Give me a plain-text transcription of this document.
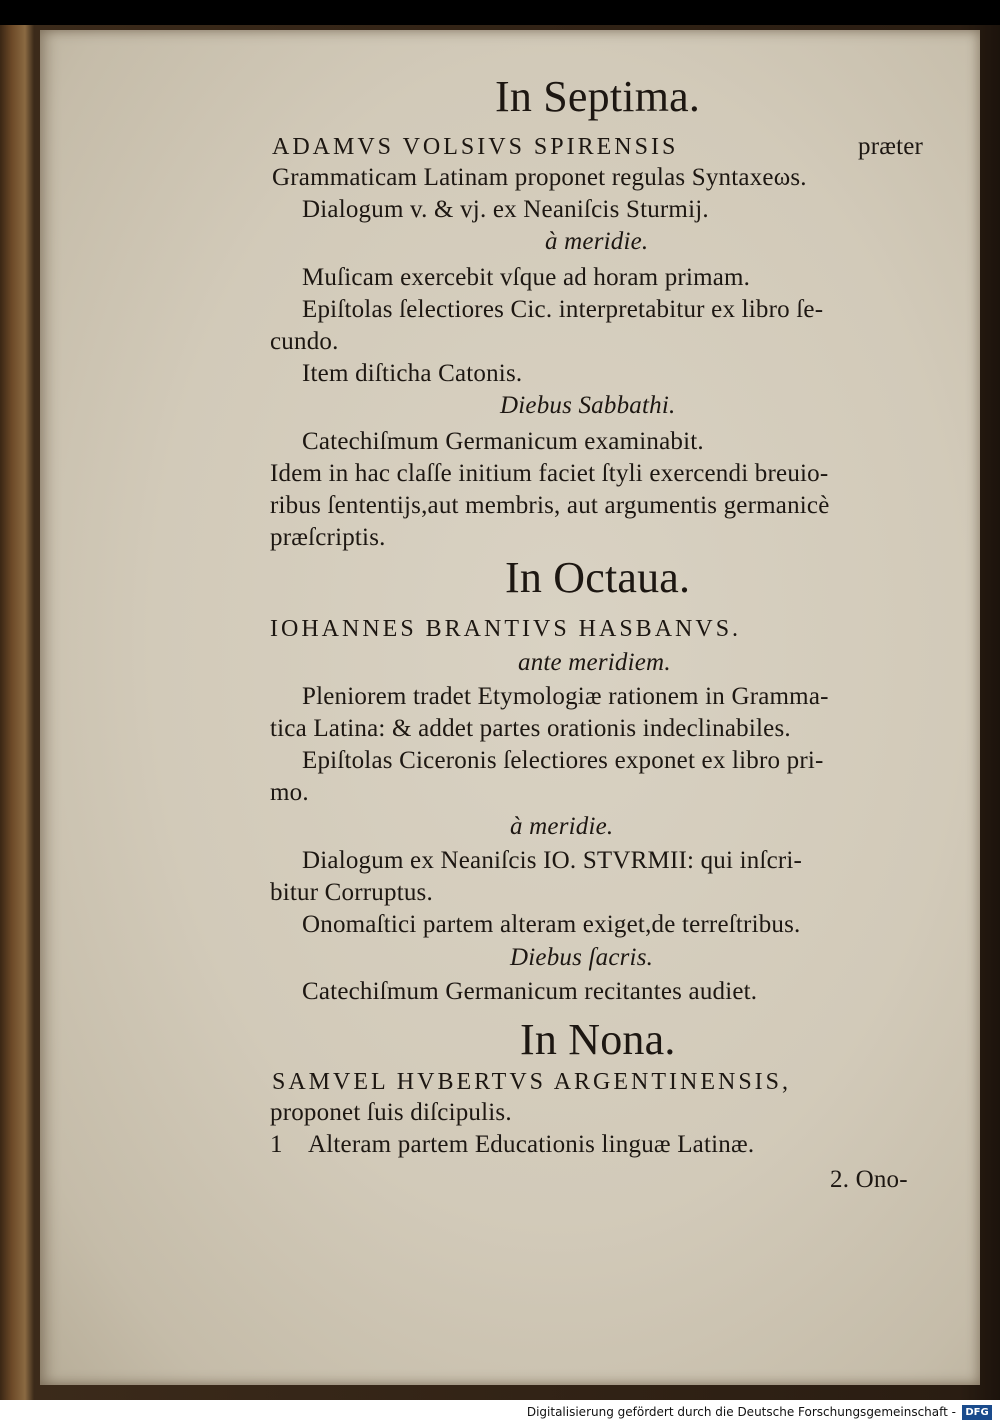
In Septima.
ADAMVS VOLSIVS SPIRENSIS	præter
Grammaticam Latinam proponet regulas Syntaxeωs.
Dialogum v. & vj. ex Neaniſcis Sturmij.
à meridie.
Muſicam exercebit vſque ad horam primam.
Epiſtolas ſelectiores Cic. interpretabitur ex libro ſe-
cundo.
Item diſticha Catonis.
Diebus Sabbathi.
Catechiſmum Germanicum examinabit.
Idem in hac claſſe initium faciet ſtyli exercendi breuio-
ribus ſententijs,aut membris, aut argumentis germanicè
præſcriptis.
In Octaua.
IOHANNES BRANTIVS HASBANVS.
ante meridiem.
Pleniorem tradet Etymologiæ rationem in Gramma-
tica Latina: & addet partes orationis indeclinabiles.
Epiſtolas Ciceronis ſelectiores exponet ex libro pri-
mo.
à meridie.
Dialogum ex Neaniſcis IO. STVRMII: qui inſcri-
bitur Corruptus.
Onomaſtici partem alteram exiget,de terreſtribus.
Diebus ſacris.
Catechiſmum Germanicum recitantes audiet.
In Nona.
SAMVEL HVBERTVS ARGENTINENSIS,
proponet ſuis diſcipulis.
1 Alteram partem Educationis linguæ Latinæ.
2. Ono-
Digitalisierung gefördert durch die Deutsche Forschungsgemeinschaft - DFG
